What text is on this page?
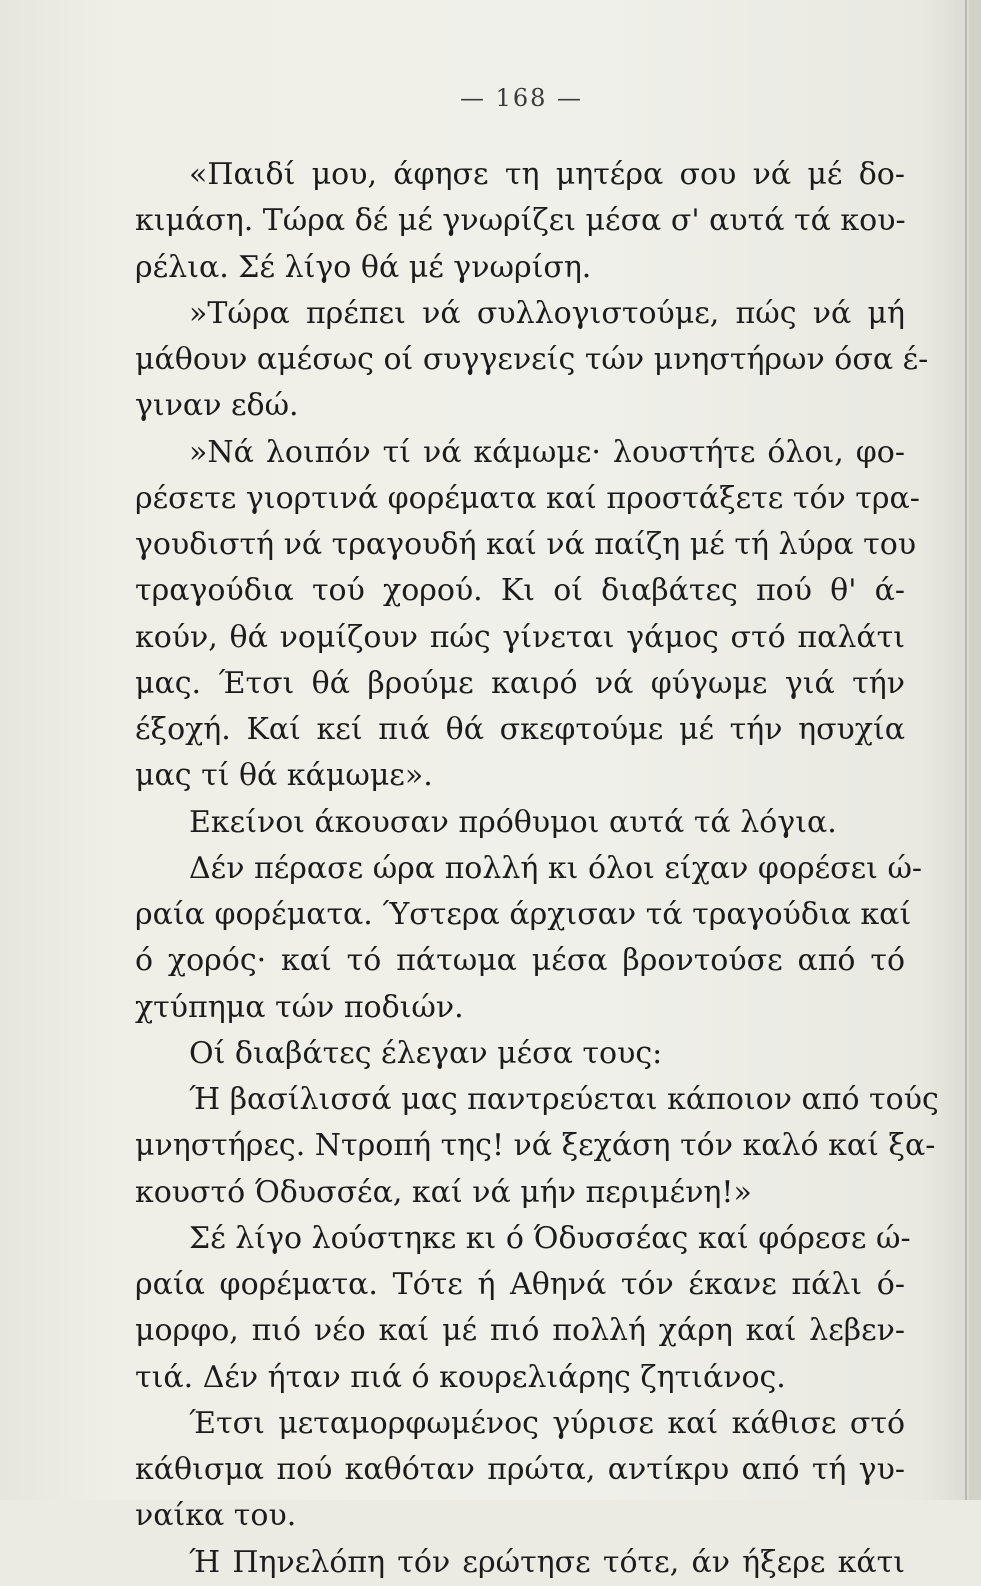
— 168 —
«Παιδί μου, άφησε τη μητέρα σου νά μέ δο-
κιμάση. Τώρα δέ μέ γνωρίζει μέσα σ' αυτά τά κου-
ρέλια. Σέ λίγο θά μέ γνωρίση.
»Τώρα πρέπει νά συλλογιστούμε, πώς νά μή
μάθουν αμέσως οί συγγενείς τών μνηστήρων όσα έ-
γιναν εδώ.
»Νά λοιπόν τί νά κάμωμε· λουστήτε όλοι, φο-
ρέσετε γιορτινά φορέματα καί προστάξετε τόν τρα-
γουδιστή νά τραγουδή καί νά παίζη μέ τή λύρα του
τραγούδια τού χορού. Κι οί διαβάτες πού θ' ά-
κούν, θά νομίζουν πώς γίνεται γάμος στό παλάτι
μας. Έτσι θά βρούμε καιρό νά φύγωμε γιά τήν
έξοχή. Καί κεί πιά θά σκεφτούμε μέ τήν ησυχία
μας τί θά κάμωμε».
Εκείνοι άκουσαν πρόθυμοι αυτά τά λόγια.
Δέν πέρασε ώρα πολλή κι όλοι είχαν φορέσει ώ-
ραία φορέματα. Ύστερα άρχισαν τά τραγούδια καί
ό χορός· καί τό πάτωμα μέσα βροντούσε από τό
χτύπημα τών ποδιών.
Οί διαβάτες έλεγαν μέσα τους:
Ή βασίλισσά μας παντρεύεται κάποιον από τούς
μνηστήρες. Ντροπή της! νά ξεχάση τόν καλό καί ξα-
κουστό Όδυσσέα, καί νά μήν περιμένη!»
Σέ λίγο λούστηκε κι ό Όδυσσέας καί φόρεσε ώ-
ραία φορέματα. Τότε ή Αθηνά τόν έκανε πάλι ό-
μορφο, πιό νέο καί μέ πιό πολλή χάρη καί λεβεν-
τιά. Δέν ήταν πιά ό κουρελιάρης ζητιάνος.
Έτσι μεταμορφωμένος γύρισε καί κάθισε στό
κάθισμα πού καθόταν πρώτα, αντίκρυ από τή γυ-
ναίκα του.
Ή Πηνελόπη τόν ερώτησε τότε, άν ήξερε κάτι
